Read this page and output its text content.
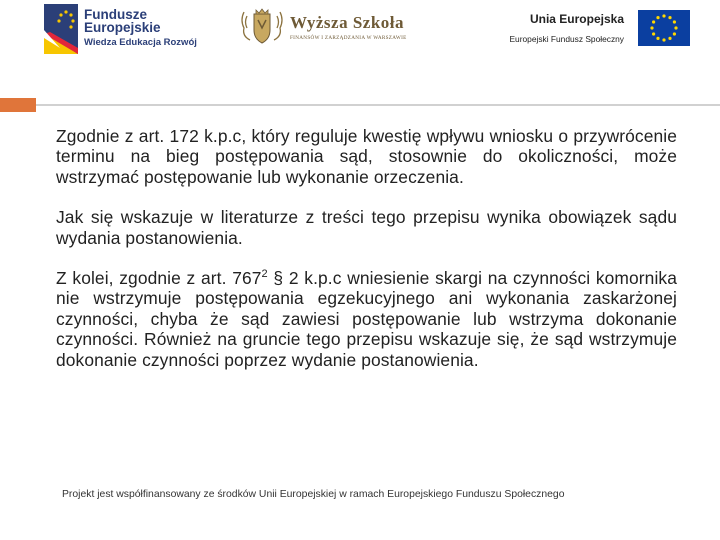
Fundusze
Europejskie
Wiedza Edukacja Rozwój
Wyższa Szkoła
FINANSÓW I ZARZĄDZANIA W WARSZAWIE
Unia Europejska
Europejski Fundusz Społeczny

Zgodnie z art. 172 k.p.c, który reguluje kwestię wpływu wniosku o przywrócenie terminu na bieg postępowania sąd, stosownie do okoliczności, może wstrzymać postępowanie lub wykonanie orzeczenia.

Jak się wskazuje w literaturze z treści tego przepisu wynika obowiązek sądu wydania postanowienia.

Z kolei, zgodnie z art. $767^2$ § 2 k.p.c wniesienie skargi na czynności komornika nie wstrzymuje postępowania egzekucyjnego ani wykonania zaskarżonej czynności, chyba że sąd zawiesi postępowanie lub wstrzyma dokonanie czynności. Również na gruncie tego przepisu wskazuje się, że sąd wstrzymuje dokonanie czynności poprzez wydanie postanowienia.

Projekt jest współfinansowany ze środków Unii Europejskiej w ramach Europejskiego Funduszu Społecznego
